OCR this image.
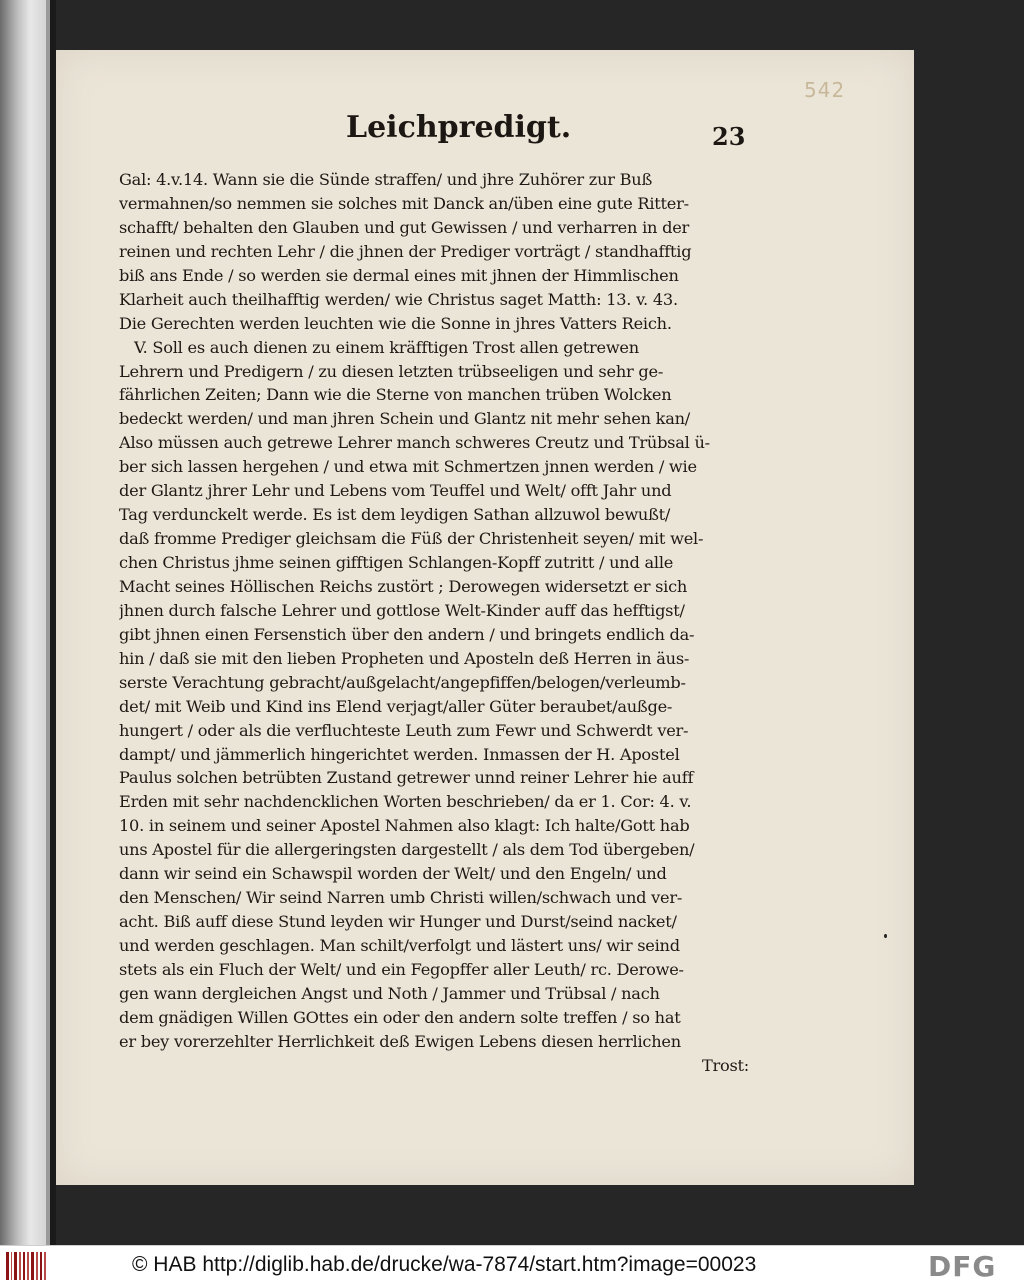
542

Leichpredigt.	23

Gal: 4.v.14. Wann sie die Sünde straffen/ und jhre Zuhörer zur Buß
vermahnen/so nemmen sie solches mit Danck an/üben eine gute Ritter-
schafft/ behalten den Glauben und gut Gewissen / und verharren in der
reinen und rechten Lehr / die jhnen der Prediger vorträgt / standhafftig
biß ans Ende / so werden sie dermal eines mit jhnen der Himmlischen
Klarheit auch theilhafftig werden/ wie Christus saget Matth: 13. v. 43.
Die Gerechten werden leuchten wie die Sonne in jhres Vatters Reich.
V. Soll es auch dienen zu einem kräfftigen Trost allen getrewen
Lehrern und Predigern / zu diesen letzten trübseeligen und sehr ge-
fährlichen Zeiten; Dann wie die Sterne von manchen trüben Wolcken
bedeckt werden/ und man jhren Schein und Glantz nit mehr sehen kan/
Also müssen auch getrewe Lehrer manch schweres Creutz und Trübsal ü-
ber sich lassen hergehen / und etwa mit Schmertzen jnnen werden / wie
der Glantz jhrer Lehr und Lebens vom Teuffel und Welt/ offt Jahr und
Tag verdunckelt werde. Es ist dem leydigen Sathan allzuwol bewußt/
daß fromme Prediger gleichsam die Füß der Christenheit seyen/ mit wel-
chen Christus jhme seinen gifftigen Schlangen-Kopff zutritt / und alle
Macht seines Höllischen Reichs zustört ; Derowegen widersetzt er sich
jhnen durch falsche Lehrer und gottlose Welt-Kinder auff das hefftigst/
gibt jhnen einen Fersenstich über den andern / und bringets endlich da-
hin / daß sie mit den lieben Propheten und Aposteln deß Herren in äus-
serste Verachtung gebracht/außgelacht/angepfiffen/belogen/verleumb-
det/ mit Weib und Kind ins Elend verjagt/aller Güter beraubet/außge-
hungert / oder als die verfluchteste Leuth zum Fewr und Schwerdt ver-
dampt/ und jämmerlich hingerichtet werden. Inmassen der H. Apostel
Paulus solchen betrübten Zustand getrewer unnd reiner Lehrer hie auff
Erden mit sehr nachdencklichen Worten beschrieben/ da er 1. Cor: 4. v.
10. in seinem und seiner Apostel Nahmen also klagt: Ich halte/Gott hab
uns Apostel für die allergeringsten dargestellt / als dem Tod übergeben/
dann wir seind ein Schawspil worden der Welt/ und den Engeln/ und
den Menschen/ Wir seind Narren umb Christi willen/schwach und ver-
acht. Biß auff diese Stund leyden wir Hunger und Durst/seind nacket/
und werden geschlagen. Man schilt/verfolgt und lästert uns/ wir seind
stets als ein Fluch der Welt/ und ein Fegopffer aller Leuth/ rc. Derowe-
gen wann dergleichen Angst und Noth / Jammer und Trübsal / nach
dem gnädigen Willen GOttes ein oder den andern solte treffen / so hat
er bey vorerzehlter Herrlichkeit deß Ewigen Lebens diesen herrlichen
Trost:

© HAB http://diglib.hab.de/drucke/wa-7874/start.htm?image=00023	DFG
